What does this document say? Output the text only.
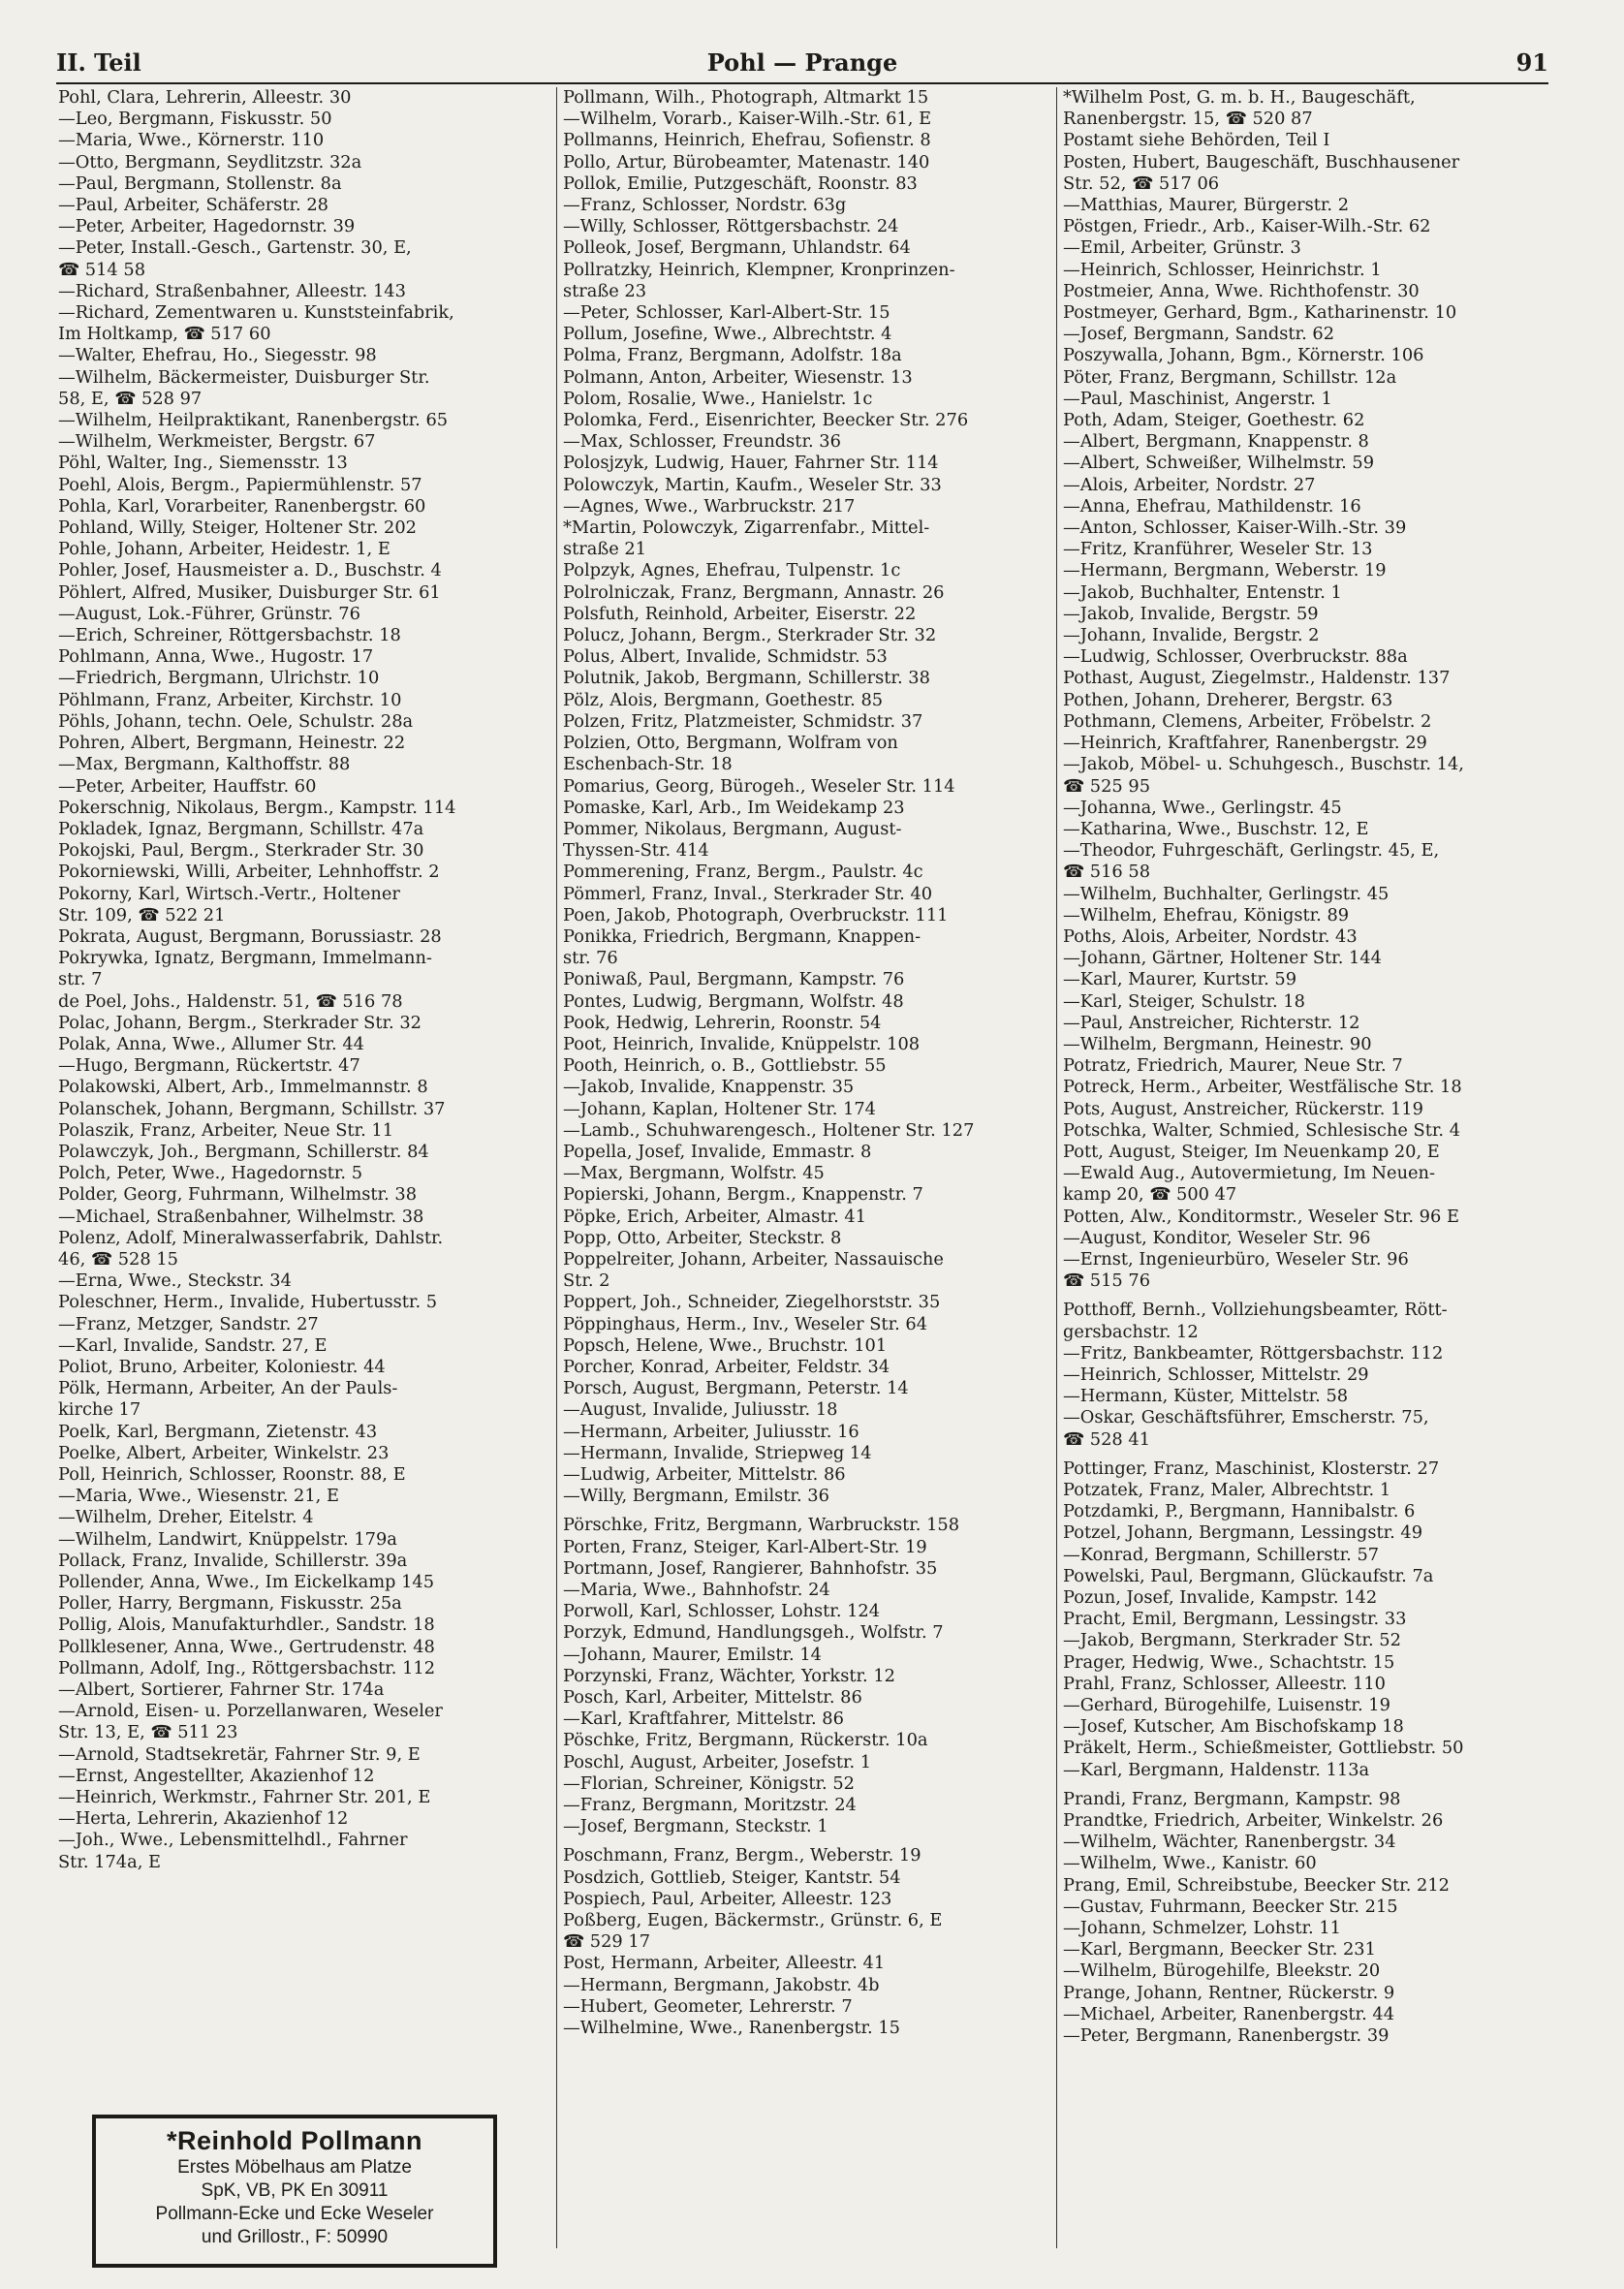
Pohl — Prange
II. Teil	91
Pohl, Clara, Lehrerin, Alleestr. 30
—Leo, Bergmann, Fiskusstr. 50
—Maria, Wwe., Körnerstr. 110
—Otto, Bergmann, Seydlitzstr. 32a
—Paul, Bergmann, Stollenstr. 8a
—Paul, Arbeiter, Schäferstr. 28
—Peter, Arbeiter, Hagedornstr. 39
—Peter, Install.-Gesch., Gartenstr. 30, E,
☎ 514 58
—Richard, Straßenbahner, Alleestr. 143
—Richard, Zementwaren u. Kunststeinfabrik,
Im Holtkamp, ☎ 517 60
—Walter, Ehefrau, Ho., Siegesstr. 98
—Wilhelm, Bäckermeister, Duisburger Str.
58, E, ☎ 528 97
—Wilhelm, Heilpraktikant, Ranenbergstr. 65
—Wilhelm, Werkmeister, Bergstr. 67
Pöhl, Walter, Ing., Siemensstr. 13
Poehl, Alois, Bergm., Papiermühlenstr. 57
Pohla, Karl, Vorarbeiter, Ranenbergstr. 60
Pohland, Willy, Steiger, Holtener Str. 202
Pohle, Johann, Arbeiter, Heidestr. 1, E
Pohler, Josef, Hausmeister a. D., Buschstr. 4
Pöhlert, Alfred, Musiker, Duisburger Str. 61
—August, Lok.-Führer, Grünstr. 76
—Erich, Schreiner, Röttgersbachstr. 18
Pohlmann, Anna, Wwe., Hugostr. 17
—Friedrich, Bergmann, Ulrichstr. 10
Pöhlmann, Franz, Arbeiter, Kirchstr. 10
Pöhls, Johann, techn. Oele, Schulstr. 28a
Pohren, Albert, Bergmann, Heinestr. 22
—Max, Bergmann, Kalthoffstr. 88
—Peter, Arbeiter, Hauffstr. 60
Pokerschnig, Nikolaus, Bergm., Kampstr. 114
Pokladek, Ignaz, Bergmann, Schillstr. 47a
Pokojski, Paul, Bergm., Sterkrader Str. 30
Pokorniewski, Willi, Arbeiter, Lehnhoffstr. 2
Pokorny, Karl, Wirtsch.-Vertr., Holtener
Str. 109, ☎ 522 21
Pokrata, August, Bergmann, Borussiastr. 28
Pokrywka, Ignatz, Bergmann, Immelmann-
str. 7
de Poel, Johs., Haldenstr. 51, ☎ 516 78
Polac, Johann, Bergm., Sterkrader Str. 32
Polak, Anna, Wwe., Allumer Str. 44
—Hugo, Bergmann, Rückertstr. 47
Polakowski, Albert, Arb., Immelmannstr. 8
Polanschek, Johann, Bergmann, Schillstr. 37
Polaszik, Franz, Arbeiter, Neue Str. 11
Polawczyk, Joh., Bergmann, Schillerstr. 84
Polch, Peter, Wwe., Hagedornstr. 5
Polder, Georg, Fuhrmann, Wilhelmstr. 38
—Michael, Straßenbahner, Wilhelmstr. 38
Polenz, Adolf, Mineralwasserfabrik, Dahlstr.
46, ☎ 528 15
—Erna, Wwe., Steckstr. 34
Poleschner, Herm., Invalide, Hubertusstr. 5
—Franz, Metzger, Sandstr. 27
—Karl, Invalide, Sandstr. 27, E
Poliot, Bruno, Arbeiter, Koloniestr. 44
Pölk, Hermann, Arbeiter, An der Pauls-
kirche 17
Poelk, Karl, Bergmann, Zietenstr. 43
Poelke, Albert, Arbeiter, Winkelstr. 23
Poll, Heinrich, Schlosser, Roonstr. 88, E
—Maria, Wwe., Wiesenstr. 21, E
—Wilhelm, Dreher, Eitelstr. 4
—Wilhelm, Landwirt, Knüppelstr. 179a
Pollack, Franz, Invalide, Schillerstr. 39a
Pollender, Anna, Wwe., Im Eickelkamp 145
Poller, Harry, Bergmann, Fiskusstr. 25a
Pollig, Alois, Manufakturhdler., Sandstr. 18
Pollklesener, Anna, Wwe., Gertrudenstr. 48
Pollmann, Adolf, Ing., Röttgersbachstr. 112
—Albert, Sortierer, Fahrner Str. 174a
—Arnold, Eisen- u. Porzellanwaren, Weseler
Str. 13, E, ☎ 511 23
—Arnold, Stadtsekretär, Fahrner Str. 9, E
—Ernst, Angestellter, Akazienhof 12
—Heinrich, Werkmstr., Fahrner Str. 201, E
—Herta, Lehrerin, Akazienhof 12
—Joh., Wwe., Lebensmittelhdl., Fahrner
Str. 174a, E
Pollmann, Wilh., Photograph, Altmarkt 15
—Wilhelm, Vorarb., Kaiser-Wilh.-Str. 61, E
Pollmanns, Heinrich, Ehefrau, Sofienstr. 8
Pollo, Artur, Bürobeamter, Matenastr. 140
Pollok, Emilie, Putzgeschäft, Roonstr. 83
—Franz, Schlosser, Nordstr. 63g
—Willy, Schlosser, Röttgersbachstr. 24
Polleok, Josef, Bergmann, Uhlandstr. 64
Pollratzky, Heinrich, Klempner, Kronprinzen-
straße 23
—Peter, Schlosser, Karl-Albert-Str. 15
Pollum, Josefine, Wwe., Albrechtstr. 4
Polma, Franz, Bergmann, Adolfstr. 18a
Polmann, Anton, Arbeiter, Wiesenstr. 13
Polom, Rosalie, Wwe., Hanielstr. 1c
Polomka, Ferd., Eisenrichter, Beecker Str. 276
—Max, Schlosser, Freundstr. 36
Polosjzyk, Ludwig, Hauer, Fahrner Str. 114
Polowczyk, Martin, Kaufm., Weseler Str. 33
—Agnes, Wwe., Warbruckstr. 217
*Martin, Polowczyk, Zigarrenfabr., Mittel-
straße 21
Polpzyk, Agnes, Ehefrau, Tulpenstr. 1c
Polrolniczak, Franz, Bergmann, Annastr. 26
Polsfuth, Reinhold, Arbeiter, Eiserstr. 22
Polucz, Johann, Bergm., Sterkrader Str. 32
Polus, Albert, Invalide, Schmidstr. 53
Polutnik, Jakob, Bergmann, Schillerstr. 38
Pölz, Alois, Bergmann, Goethestr. 85
Polzen, Fritz, Platzmeister, Schmidstr. 37
Polzien, Otto, Bergmann, Wolfram von
Eschenbach-Str. 18
Pomarius, Georg, Bürogeh., Weseler Str. 114
Pomaske, Karl, Arb., Im Weidekamp 23
Pommer, Nikolaus, Bergmann, August-
Thyssen-Str. 414
Pommerening, Franz, Bergm., Paulstr. 4c
Pömmerl, Franz, Inval., Sterkrader Str. 40
Poen, Jakob, Photograph, Overbruckstr. 111
Ponikka, Friedrich, Bergmann, Knappen-
str. 76
Poniwaß, Paul, Bergmann, Kampstr. 76
Pontes, Ludwig, Bergmann, Wolfstr. 48
Pook, Hedwig, Lehrerin, Roonstr. 54
Poot, Heinrich, Invalide, Knüppelstr. 108
Pooth, Heinrich, o. B., Gottliebstr. 55
—Jakob, Invalide, Knappenstr. 35
—Johann, Kaplan, Holtener Str. 174
—Lamb., Schuhwarengesch., Holtener Str. 127
Popella, Josef, Invalide, Emmastr. 8
—Max, Bergmann, Wolfstr. 45
Popierski, Johann, Bergm., Knappenstr. 7
Pöpke, Erich, Arbeiter, Almastr. 41
Popp, Otto, Arbeiter, Steckstr. 8
Poppelreiter, Johann, Arbeiter, Nassauische
Str. 2
Poppert, Joh., Schneider, Ziegelhorststr. 35
Pöppinghaus, Herm., Inv., Weseler Str. 64
Popsch, Helene, Wwe., Bruchstr. 101
Porcher, Konrad, Arbeiter, Feldstr. 34
Porsch, August, Bergmann, Peterstr. 14
—August, Invalide, Juliusstr. 18
—Hermann, Arbeiter, Juliusstr. 16
—Hermann, Invalide, Striepweg 14
—Ludwig, Arbeiter, Mittelstr. 86
—Willy, Bergmann, Emilstr. 36
Pörschke, Fritz, Bergmann, Warbruckstr. 158
Porten, Franz, Steiger, Karl-Albert-Str. 19
Portmann, Josef, Rangierer, Bahnhofstr. 35
—Maria, Wwe., Bahnhofstr. 24
Porwoll, Karl, Schlosser, Lohstr. 124
Porzyk, Edmund, Handlungsgeh., Wolfstr. 7
—Johann, Maurer, Emilstr. 14
Porzynski, Franz, Wächter, Yorkstr. 12
Posch, Karl, Arbeiter, Mittelstr. 86
—Karl, Kraftfahrer, Mittelstr. 86
Pöschke, Fritz, Bergmann, Rückerstr. 10a
Poschl, August, Arbeiter, Josefstr. 1
—Florian, Schreiner, Königstr. 52
—Franz, Bergmann, Moritzstr. 24
—Josef, Bergmann, Steckstr. 1
Poschmann, Franz, Bergm., Weberstr. 19
Posdzich, Gottlieb, Steiger, Kantstr. 54
Pospiech, Paul, Arbeiter, Alleestr. 123
Poßberg, Eugen, Bäckermstr., Grünstr. 6, E
☎ 529 17
Post, Hermann, Arbeiter, Alleestr. 41
—Hermann, Bergmann, Jakobstr. 4b
—Hubert, Geometer, Lehrerstr. 7
—Wilhelmine, Wwe., Ranenbergstr. 15
*Wilhelm Post, G. m. b. H., Baugeschäft,
Ranenbergstr. 15, ☎ 520 87
Postamt siehe Behörden, Teil I
Posten, Hubert, Baugeschäft, Buschhausener
Str. 52, ☎ 517 06
—Matthias, Maurer, Bürgerstr. 2
Pöstgen, Friedr., Arb., Kaiser-Wilh.-Str. 62
—Emil, Arbeiter, Grünstr. 3
—Heinrich, Schlosser, Heinrichstr. 1
Postmeier, Anna, Wwe. Richthofenstr. 30
Postmeyer, Gerhard, Bgm., Katharinenstr. 10
—Josef, Bergmann, Sandstr. 62
Poszywalla, Johann, Bgm., Körnerstr. 106
Pöter, Franz, Bergmann, Schillstr. 12a
—Paul, Maschinist, Angerstr. 1
Poth, Adam, Steiger, Goethestr. 62
—Albert, Bergmann, Knappenstr. 8
—Albert, Schweißer, Wilhelmstr. 59
—Alois, Arbeiter, Nordstr. 27
—Anna, Ehefrau, Mathildenstr. 16
—Anton, Schlosser, Kaiser-Wilh.-Str. 39
—Fritz, Kranführer, Weseler Str. 13
—Hermann, Bergmann, Weberstr. 19
—Jakob, Buchhalter, Entenstr. 1
—Jakob, Invalide, Bergstr. 59
—Johann, Invalide, Bergstr. 2
—Ludwig, Schlosser, Overbruckstr. 88a
Pothast, August, Ziegelmstr., Haldenstr. 137
Pothen, Johann, Dreherer, Bergstr. 63
Pothmann, Clemens, Arbeiter, Fröbelstr. 2
—Heinrich, Kraftfahrer, Ranenbergstr. 29
—Jakob, Möbel- u. Schuhgesch., Buschstr. 14,
☎ 525 95
—Johanna, Wwe., Gerlingstr. 45
—Katharina, Wwe., Buschstr. 12, E
—Theodor, Fuhrgeschäft, Gerlingstr. 45, E,
☎ 516 58
—Wilhelm, Buchhalter, Gerlingstr. 45
—Wilhelm, Ehefrau, Königstr. 89
Poths, Alois, Arbeiter, Nordstr. 43
—Johann, Gärtner, Holtener Str. 144
—Karl, Maurer, Kurtstr. 59
—Karl, Steiger, Schulstr. 18
—Paul, Anstreicher, Richterstr. 12
—Wilhelm, Bergmann, Heinestr. 90
Potratz, Friedrich, Maurer, Neue Str. 7
Potreck, Herm., Arbeiter, Westfälische Str. 18
Pots, August, Anstreicher, Rückerstr. 119
Potschka, Walter, Schmied, Schlesische Str. 4
Pott, August, Steiger, Im Neuenkamp 20, E
—Ewald Aug., Autovermietung, Im Neuen-
kamp 20, ☎ 500 47
Potten, Alw., Konditormstr., Weseler Str. 96 E
—August, Konditor, Weseler Str. 96
—Ernst, Ingenieurbüro, Weseler Str. 96
☎ 515 76
Potthoff, Bernh., Vollziehungsbeamter, Rött-
gersbachstr. 12
—Fritz, Bankbeamter, Röttgersbachstr. 112
—Heinrich, Schlosser, Mittelstr. 29
—Hermann, Küster, Mittelstr. 58
—Oskar, Geschäftsführer, Emscherstr. 75,
☎ 528 41
Pottinger, Franz, Maschinist, Klosterstr. 27
Potzatek, Franz, Maler, Albrechtstr. 1
Potzdamki, P., Bergmann, Hannibalstr. 6
Potzel, Johann, Bergmann, Lessingstr. 49
—Konrad, Bergmann, Schillerstr. 57
Powelski, Paul, Bergmann, Glückaufstr. 7a
Pozun, Josef, Invalide, Kampstr. 142
Pracht, Emil, Bergmann, Lessingstr. 33
—Jakob, Bergmann, Sterkrader Str. 52
Prager, Hedwig, Wwe., Schachtstr. 15
Prahl, Franz, Schlosser, Alleestr. 110
—Gerhard, Bürogehilfe, Luisenstr. 19
—Josef, Kutscher, Am Bischofskamp 18
Präkelt, Herm., Schießmeister, Gottliebstr. 50
—Karl, Bergmann, Haldenstr. 113a
Prandi, Franz, Bergmann, Kampstr. 98
Prandtke, Friedrich, Arbeiter, Winkelstr. 26
—Wilhelm, Wächter, Ranenbergstr. 34
—Wilhelm, Wwe., Kanistr. 60
Prang, Emil, Schreibstube, Beecker Str. 212
—Gustav, Fuhrmann, Beecker Str. 215
—Johann, Schmelzer, Lohstr. 11
—Karl, Bergmann, Beecker Str. 231
—Wilhelm, Bürogehilfe, Bleekstr. 20
Prange, Johann, Rentner, Rückerstr. 9
—Michael, Arbeiter, Ranenbergstr. 44
—Peter, Bergmann, Ranenbergstr. 39
*Reinhold Pollmann
Erstes Möbelhaus am Platze
SpK, VB, PK En 30911
Pollmann-Ecke und Ecke Weseler
und Grillostr., F: 50990
